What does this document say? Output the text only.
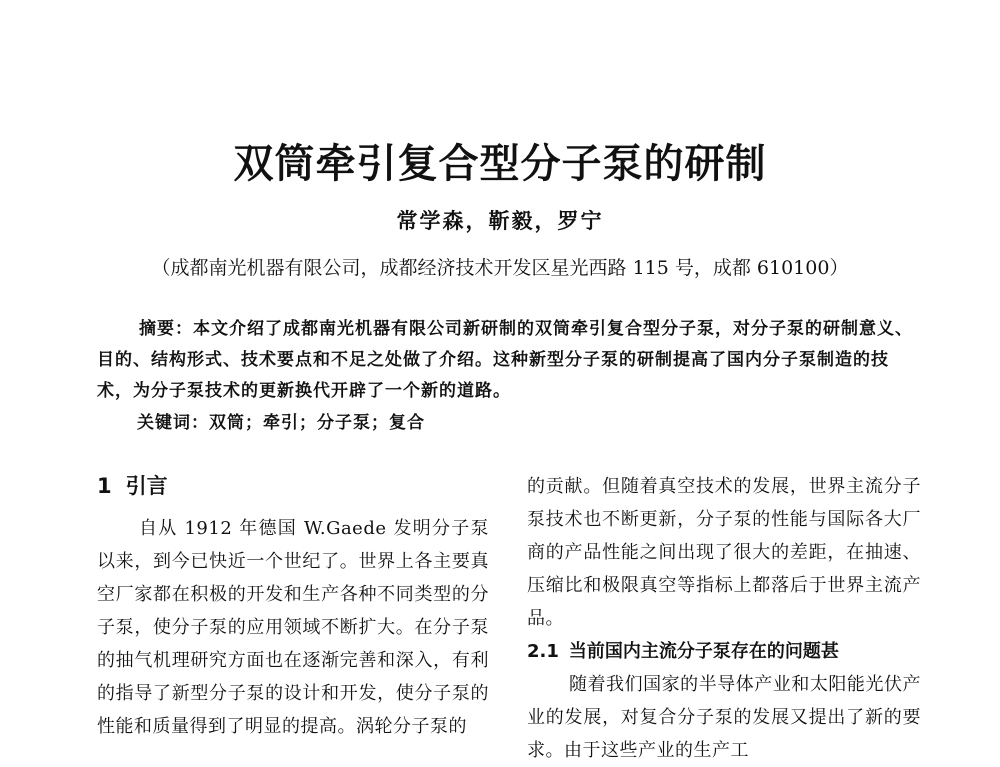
双筒牵引复合型分子泵的研制
常学森，靳毅，罗宁
（成都南光机器有限公司，成都经济技术开发区星光西路 115 号，成都 610100）
摘要：本文介绍了成都南光机器有限公司新研制的双筒牵引复合型分子泵，对分子泵的研制意义、目的、结构形式、技术要点和不足之处做了介绍。这种新型分子泵的研制提高了国内分子泵制造的技术，为分子泵技术的更新换代开辟了一个新的道路。
关键词：双筒；牵引；分子泵；复合
1 引言

自从 1912 年德国 W.Gaede 发明分子泵以来，到今已快近一个世纪了。世界上各主要真空厂家都在积极的开发和生产各种不同类型的分子泵，使分子泵的应用领域不断扩大。在分子泵的抽气机理研究方面也在逐渐完善和深入，有利的指导了新型分子泵的设计和开发，使分子泵的性能和质量得到了明显的提高。涡轮分子泵的

的贡献。但随着真空技术的发展，世界主流分子泵技术也不断更新，分子泵的性能与国际各大厂商的产品性能之间出现了很大的差距，在抽速、压缩比和极限真空等指标上都落后于世界主流产品。

2.1 当前国内主流分子泵存在的问题甚

随着我们国家的半导体产业和太阳能光伏产业的发展，对复合分子泵的发展又提出了新的要求。由于这些产业的生产工
